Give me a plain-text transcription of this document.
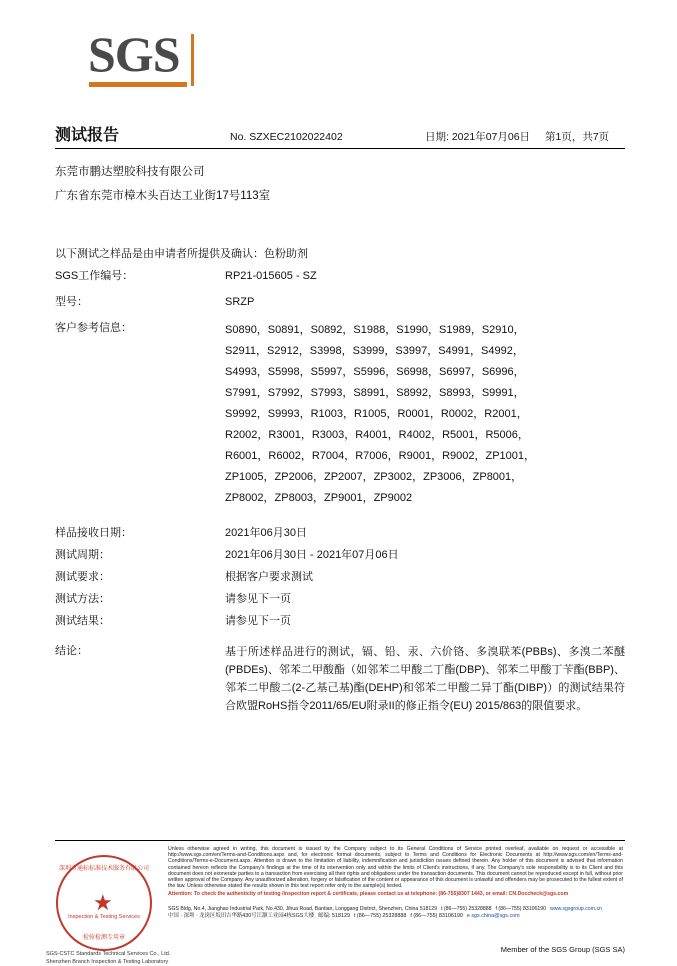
SGS
测试报告	No. SZXEC2102022402	日期: 2021年07月06日	第1页，共7页
东莞市鹏达塑胶科技有限公司
广东省东莞市樟木头百达工业街17号113室
以下测试之样品是由申请者所提供及确认：色粉助剂
SGS工作编号：	RP21-015605 - SZ
型号：	SRZP
客户参考信息：	S0890，S0891，S0892，S1988，S1990，S1989，S2910，
S2911，S2912，S3998，S3999，S3997，S4991，S4992，
S4993，S5998，S5997，S5996，S6998，S6997，S6996，
S7991，S7992，S7993，S8991，S8992，S8993，S9991，
S9992，S9993，R1003，R1005，R0001，R0002，R2001，
R2002，R3001，R3003，R4001，R4002，R5001，R5006，
R6001，R6002，R7004，R7006，R9001，R9002，ZP1001，
ZP1005，ZP2006，ZP2007，ZP3002，ZP3006，ZP8001，
ZP8002，ZP8003，ZP9001，ZP9002
样品接收日期：	2021年06月30日
测试周期：	2021年06月30日 - 2021年07月06日
测试要求：	根据客户要求测试
测试方法：	请参见下一页
测试结果：	请参见下一页
结论：	基于所述样品进行的测试，镉、铅、汞、六价铬、多溴联苯(PBBs)、多溴二苯醚(PBDEs)、邻苯二甲酸酯（如邻苯二甲酸二丁酯(DBP)、邻苯二甲酸丁苄酯(BBP)、邻苯二甲酸二(2-乙基己基)酯(DEHP)和邻苯二甲酸二异丁酯(DIBP)）的测试结果符合欧盟RoHS指令2011/65/EU附录II的修正指令(EU) 2015/863的限值要求。
深圳市通标标准技术服务有限公司
★
Inspection & Testing Services
检验检测专用章
SGS-CSTC Standards Technical Services Co., Ltd.
Shenzhen Branch Inspection & Testing Laboratory
Unless otherwise agreed in writing, this document is issued by the Company subject to its General Conditions of Service printed overleaf, available on request or accessible at http://www.sgs.com/en/Terms-and-Conditions.aspx and, for electronic format documents, subject to Terms and Conditions for Electronic Documents at http://www.sgs.com/en/Terms-and-Conditions/Terms-e-Document.aspx. Attention is drawn to the limitation of liability, indemnification and jurisdiction issues defined therein. Any holder of this document is advised that information contained hereon reflects the Company's findings at the time of its intervention only and within the limits of Client's instructions, if any. The Company's sole responsibility is to its Client and this document does not exonerate parties to a transaction from exercising all their rights and obligations under the transaction documents. This document cannot be reproduced except in full, without prior written approval of the Company. Any unauthorized alteration, forgery or falsification of the content or appearance of this document is unlawful and offenders may be prosecuted to the fullest extent of the law. Unless otherwise stated the results shown in this test report refer only to the sample(s) tested.
Attention: To check the authenticity of testing /inspection report & certificate, please contact us at telephone: (86-755)8307 1443, or email: CN.Doccheck@sgs.com
SGS Bldg, No.4, Jianghao Industrial Park, No.430, Jihua Road, Bantian, Longgang District, Shenzhen, China 518129 t (86—755) 25328888 f (86—755) 83106190 www.sgsgroup.com.cn
中国 · 深圳 · 龙岗区坂田吉华路430号江灏工业园4栋SGS大楼 邮编: 518129 t (86—755) 25328888 f (86—755) 83106190 e sgs.china@sgs.com
Member of the SGS Group (SGS SA)
